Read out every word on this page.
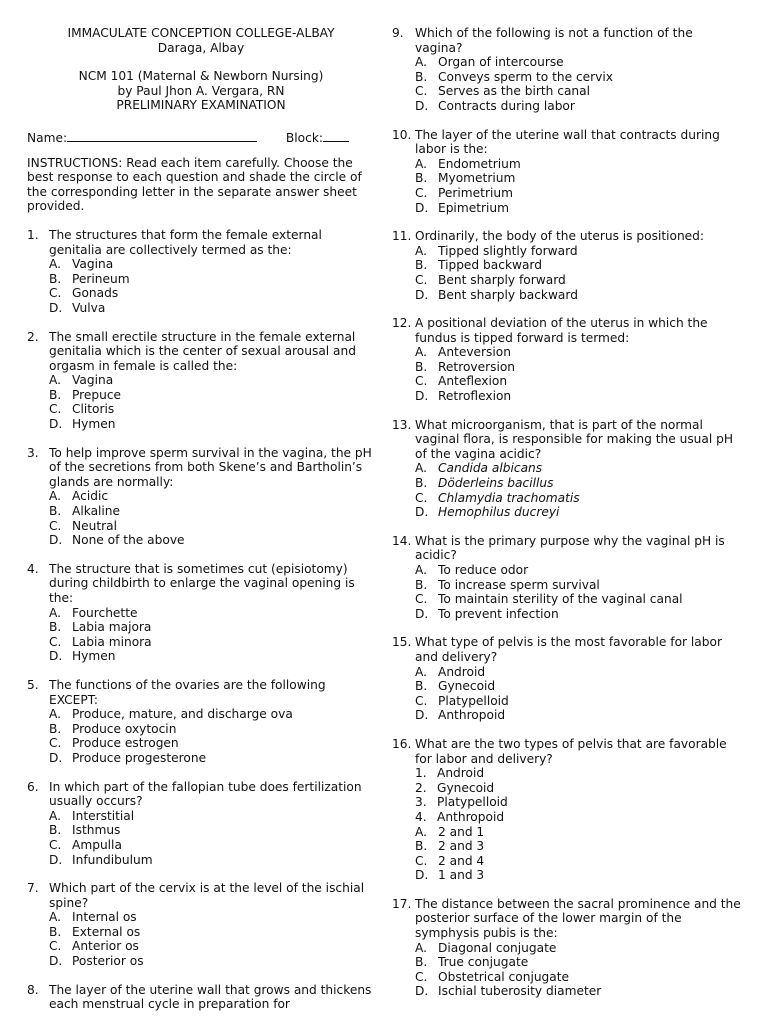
IMMACULATE CONCEPTION COLLEGE-ALBAY

Daraga, Albay

NCM 101 (Maternal & Newborn Nursing)

by Paul Jhon A. Vergara, RN

PRELIMINARY EXAMINATION

Name:	Block:

INSTRUCTIONS: Read each item carefully. Choose the best response to each question and shade the circle of the corresponding letter in the separate answer sheet provided.

1. The structures that form the female external genitalia are collectively termed as the:
A. Vagina
B. Perineum
C. Gonads
D. Vulva
2. The small erectile structure in the female external genitalia which is the center of sexual arousal and orgasm in female is called the:
A. Vagina
B. Prepuce
C. Clitoris
D. Hymen
3. To help improve sperm survival in the vagina, the pH of the secretions from both Skene’s and Bartholin’s glands are normally:
A. Acidic
B. Alkaline
C. Neutral
D. None of the above
4. The structure that is sometimes cut (episiotomy) during childbirth to enlarge the vaginal opening is the:
A. Fourchette
B. Labia majora
C. Labia minora
D. Hymen
5. The functions of the ovaries are the following EXCEPT:
A. Produce, mature, and discharge ova
B. Produce oxytocin
C. Produce estrogen
D. Produce progesterone
6. In which part of the fallopian tube does fertilization usually occurs?
A. Interstitial
B. Isthmus
C. Ampulla
D. Infundibulum
7. Which part of the cervix is at the level of the ischial spine?
A. Internal os
B. External os
C. Anterior os
D. Posterior os
8. The layer of the uterine wall that grows and thickens each menstrual cycle in preparation for
9. Which of the following is not a function of the vagina?
A. Organ of intercourse
B. Conveys sperm to the cervix
C. Serves as the birth canal
D. Contracts during labor
10. The layer of the uterine wall that contracts during labor is the:
A. Endometrium
B. Myometrium
C. Perimetrium
D. Epimetrium
11. Ordinarily, the body of the uterus is positioned:
A. Tipped slightly forward
B. Tipped backward
C. Bent sharply forward
D. Bent sharply backward
12. A positional deviation of the uterus in which the fundus is tipped forward is termed:
A. Anteversion
B. Retroversion
C. Anteflexion
D. Retroflexion
13. What microorganism, that is part of the normal vaginal flora, is responsible for making the usual pH of the vagina acidic?
A. Candida albicans
B. Döderleins bacillus
C. Chlamydia trachomatis
D. Hemophilus ducreyi
14. What is the primary purpose why the vaginal pH is acidic?
A. To reduce odor
B. To increase sperm survival
C. To maintain sterility of the vaginal canal
D. To prevent infection
15. What type of pelvis is the most favorable for labor and delivery?
A. Android
B. Gynecoid
C. Platypelloid
D. Anthropoid
16. What are the two types of pelvis that are favorable for labor and delivery?
1. Android
2. Gynecoid
3. Platypelloid
4. Anthropoid
A. 2 and 1
B. 2 and 3
C. 2 and 4
D. 1 and 3
17. The distance between the sacral prominence and the posterior surface of the lower margin of the symphysis pubis is the:
A. Diagonal conjugate
B. True conjugate
C. Obstetrical conjugate
D. Ischial tuberosity diameter
